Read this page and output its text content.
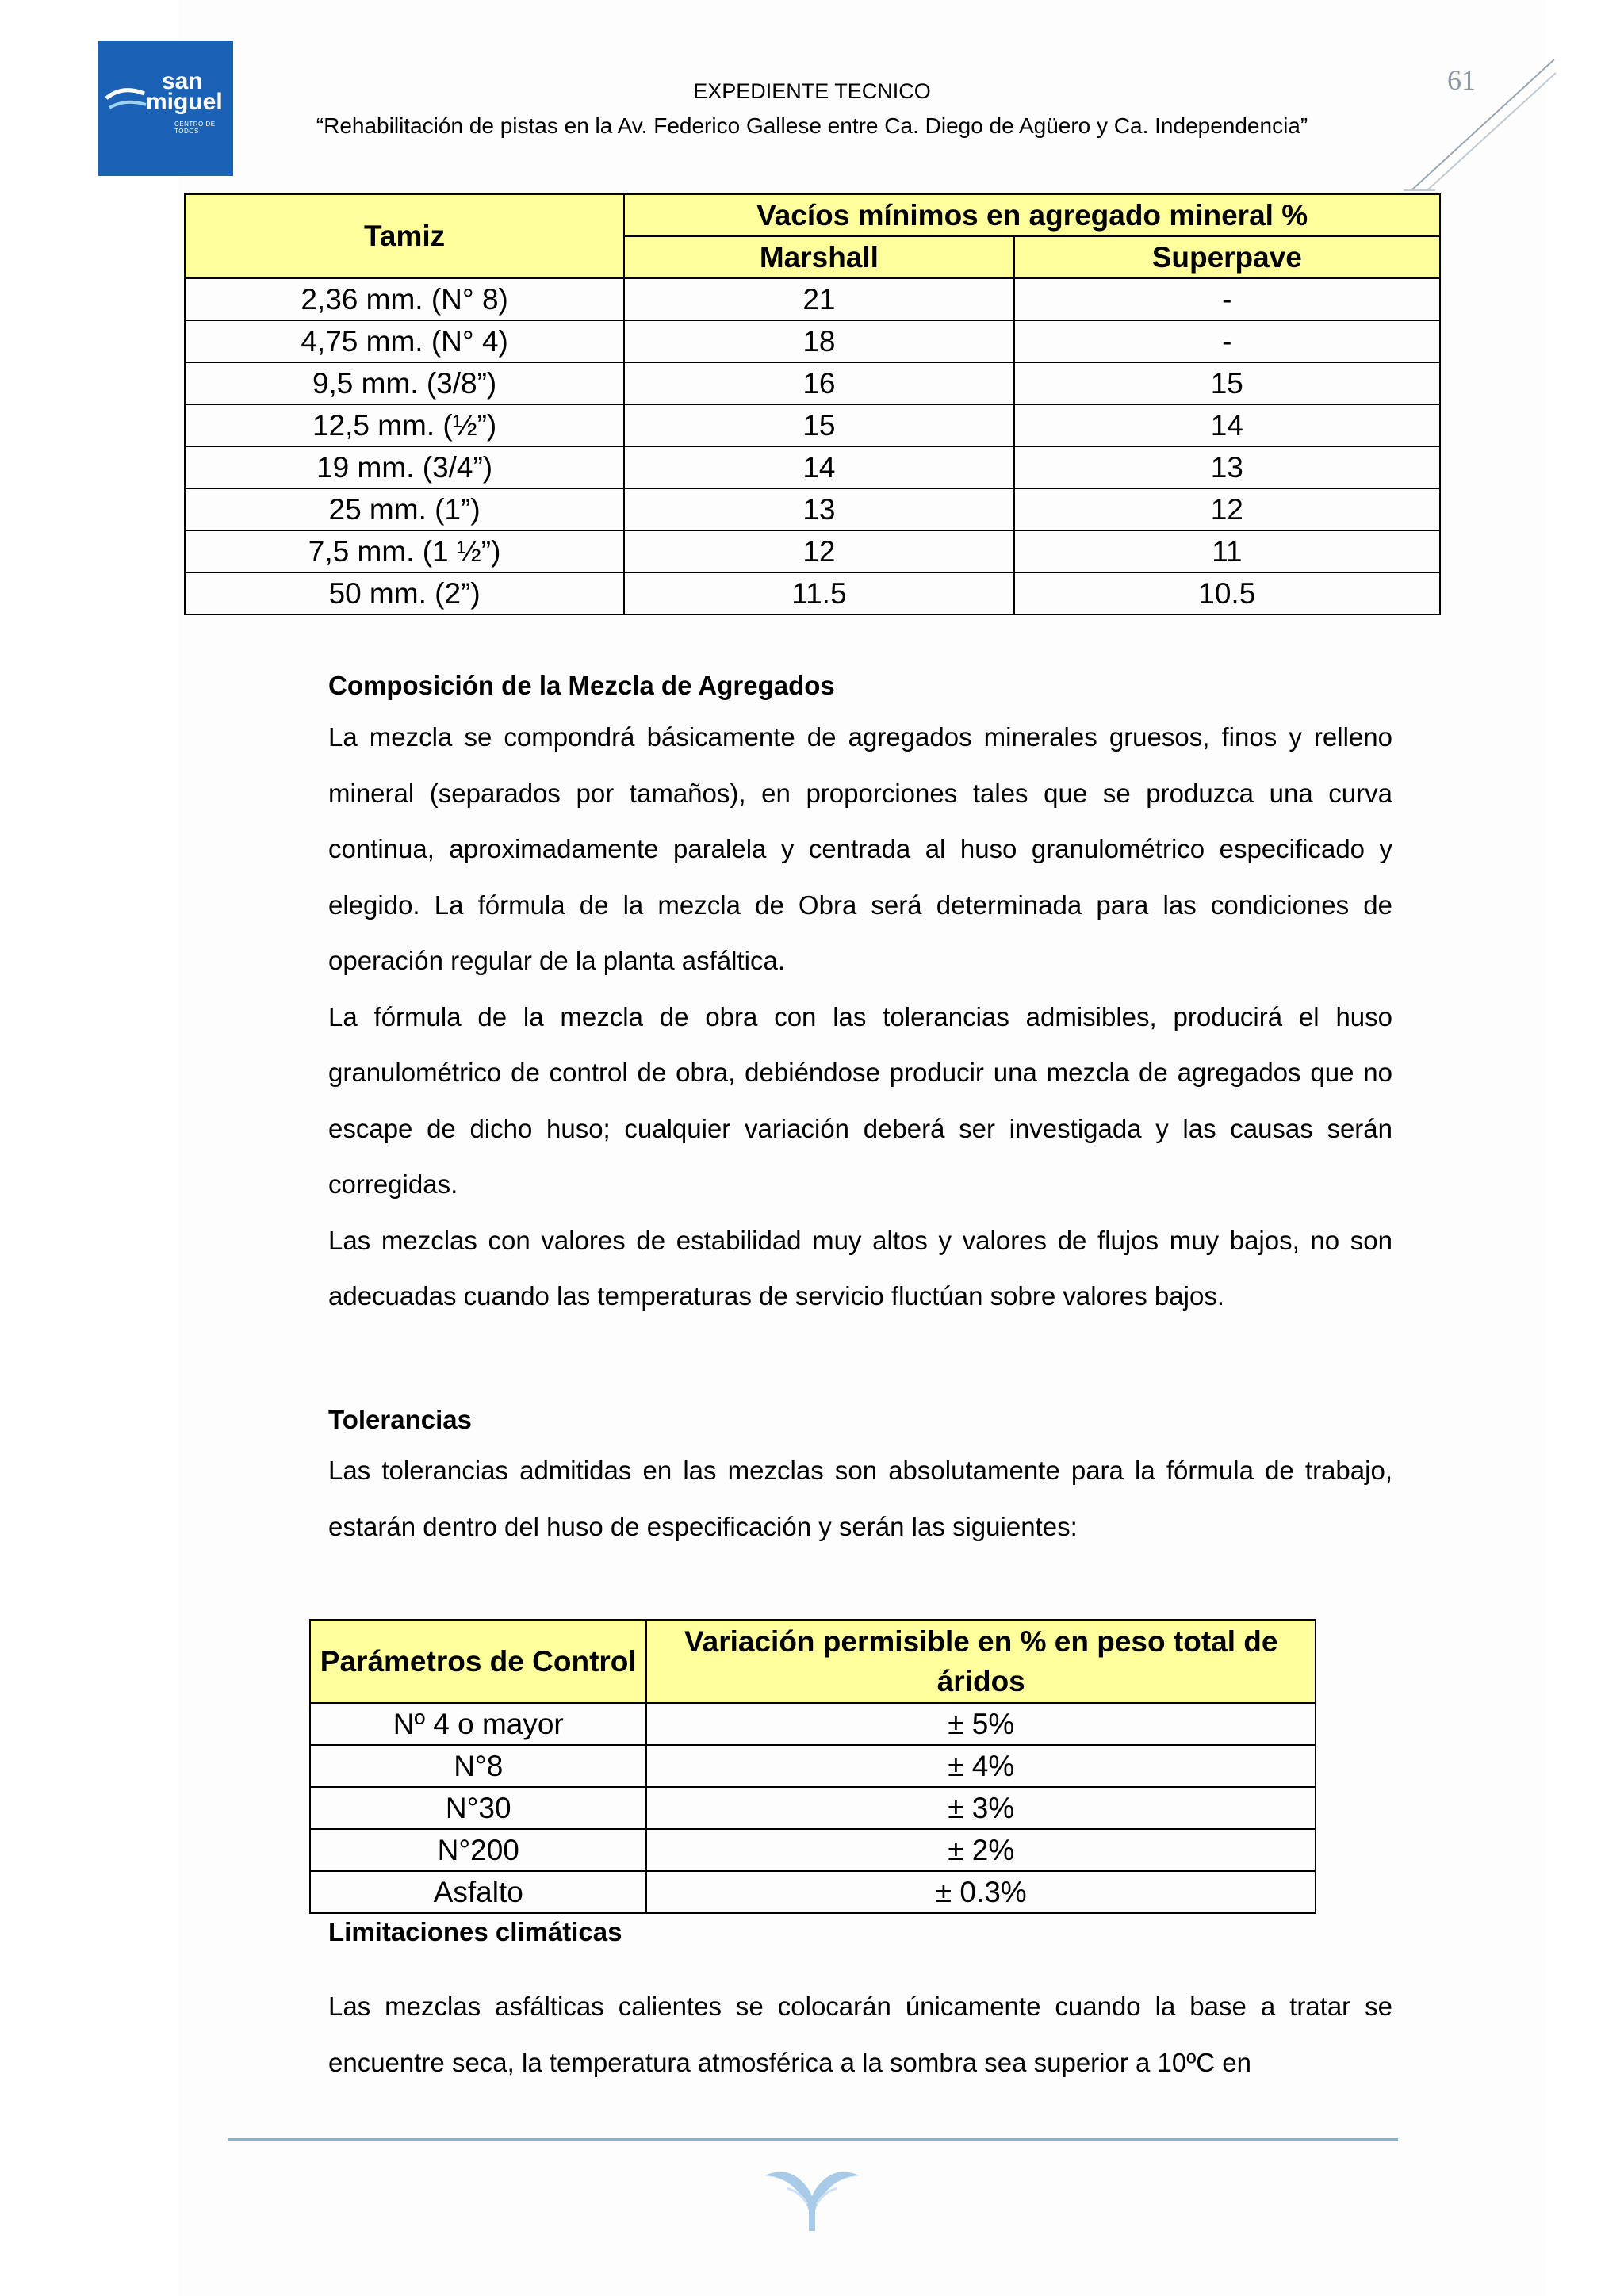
san
miguel
CENTRO DE TODOS
EXPEDIENTE TECNICO
“Rehabilitación de pistas en la Av. Federico Gallese entre Ca. Diego de Agüero y Ca. Independencia”
61
Tamiz	Vacíos mínimos en agregado mineral %	
	Marshall	Superpave
2,36 mm. (N° 8)	21	-
4,75 mm. (N° 4)	18	-
9,5 mm. (3/8”)	16	15
12,5 mm. (½”)	15	14
19 mm. (3/4”)	14	13
25 mm. (1”)	13	12
7,5 mm. (1 ½”)	12	11
50 mm. (2”)	11.5	10.5
Composición de la Mezcla de Agregados

La mezcla se compondrá básicamente de agregados minerales gruesos, finos y relleno mineral (separados por tamaños), en proporciones tales que se produzca una curva continua, aproximadamente paralela y centrada al huso granulométrico especificado y elegido. La fórmula de la mezcla de Obra será determinada para las condiciones de operación regular de la planta asfáltica.

La fórmula de la mezcla de obra con las tolerancias admisibles, producirá el huso granulométrico de control de obra, debiéndose producir una mezcla de agregados que no escape de dicho huso; cualquier variación deberá ser investigada y las causas serán corregidas.

Las mezclas con valores de estabilidad muy altos y valores de flujos muy bajos, no son adecuadas cuando las temperaturas de servicio fluctúan sobre valores bajos.

Tolerancias

Las tolerancias admitidas en las mezclas son absolutamente para la fórmula de trabajo, estarán dentro del huso de especificación y serán las siguientes:

Parámetros de Control	Variación permisible en % en peso total de áridos
Nº 4 o mayor	± 5%
N°8	± 4%
N°30	± 3%
N°200	± 2%
Asfalto	± 0.3%
Limitaciones climáticas

Las mezclas asfálticas calientes se colocarán únicamente cuando la base a tratar se encuentre seca, la temperatura atmosférica a la sombra sea superior a 10ºC en
